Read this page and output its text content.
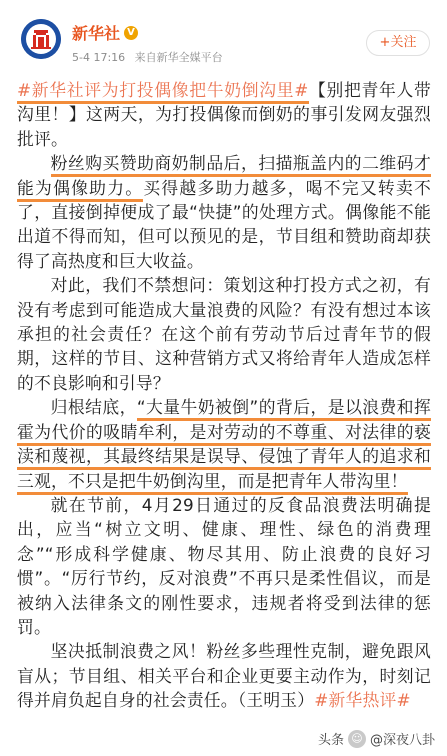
新华社 V
5-4 17:16 来自新华全媒平台
+关注

#新华社评为打投偶像把牛奶倒沟里#【别把青年人带沟里！】这两天，为打投偶像而倒奶的事引发网友强烈批评。

粉丝购买赞助商奶制品后，扫描瓶盖内的二维码才能为偶像助力。买得越多助力越多，喝不完又转卖不了，直接倒掉便成了最“快捷”的处理方式。偶像能不能出道不得而知，但可以预见的是，节目组和赞助商却获得了高热度和巨大收益。

对此，我们不禁想问：策划这种打投方式之初，有没有考虑到可能造成大量浪费的风险？有没有想过本该承担的社会责任？在这个前有劳动节后过青年节的假期，这样的节目、这种营销方式又将给青年人造成怎样的不良影响和引导？

归根结底，“大量牛奶被倒”的背后，是以浪费和挥霍为代价的吸睛牟利，是对劳动的不尊重、对法律的亵渎和蔑视，其最终结果是误导、侵蚀了青年人的追求和三观，不只是把牛奶倒沟里，而是把青年人带沟里！

就在节前，4月29日通过的反食品浪费法明确提出，应当“树立文明、健康、理性、绿色的消费理念”“形成科学健康、物尽其用、防止浪费的良好习惯”。“厉行节约，反对浪费”不再只是柔性倡议，而是被纳入法律条文的刚性要求，违规者将受到法律的惩罚。

坚决抵制浪费之风！粉丝多些理性克制，避免跟风盲从；节目组、相关平台和企业更要主动作为，时刻记得并肩负起自身的社会责任。（王明玉）#新华热评#

头条 ☺ @深夜八卦
